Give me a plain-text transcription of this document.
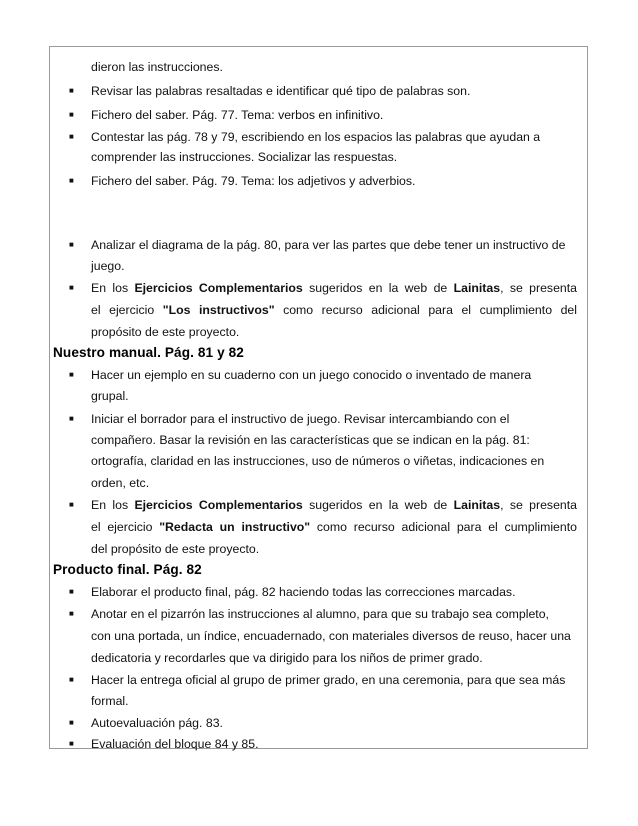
dieron las instrucciones.
■ Revisar las palabras resaltadas e identificar qué tipo de palabras son.
■ Fichero del saber. Pág. 77. Tema: verbos en infinitivo.
■ Contestar las pág. 78 y 79, escribiendo en los espacios las palabras que ayudan a
comprender las instrucciones. Socializar las respuestas.
■ Fichero del saber. Pág. 79. Tema: los adjetivos y adverbios.
■ Analizar el diagrama de la pág. 80, para ver las partes que debe tener un instructivo de
juego.
■ En los Ejercicios Complementarios sugeridos en la web de Lainitas, se presenta
el ejercicio "Los instructivos" como recurso adicional para el cumplimiento del
propósito de este proyecto.
Nuestro manual. Pág. 81 y 82
■ Hacer un ejemplo en su cuaderno con un juego conocido o inventado de manera
grupal.
■ Iniciar el borrador para el instructivo de juego. Revisar intercambiando con el
compañero. Basar la revisión en las características que se indican en la pág. 81:
ortografía, claridad en las instrucciones, uso de números o viñetas, indicaciones en
orden, etc.
■ En los Ejercicios Complementarios sugeridos en la web de Lainitas, se presenta
el ejercicio "Redacta un instructivo" como recurso adicional para el cumplimiento
del propósito de este proyecto.
Producto final. Pág. 82
■ Elaborar el producto final, pág. 82 haciendo todas las correcciones marcadas.
■ Anotar en el pizarrón las instrucciones al alumno, para que su trabajo sea completo,
con una portada, un índice, encuadernado, con materiales diversos de reuso, hacer una
dedicatoria y recordarles que va dirigido para los niños de primer grado.
■ Hacer la entrega oficial al grupo de primer grado, en una ceremonia, para que sea más
formal.
■ Autoevaluación pág. 83.
■ Evaluación del bloque 84 y 85.
